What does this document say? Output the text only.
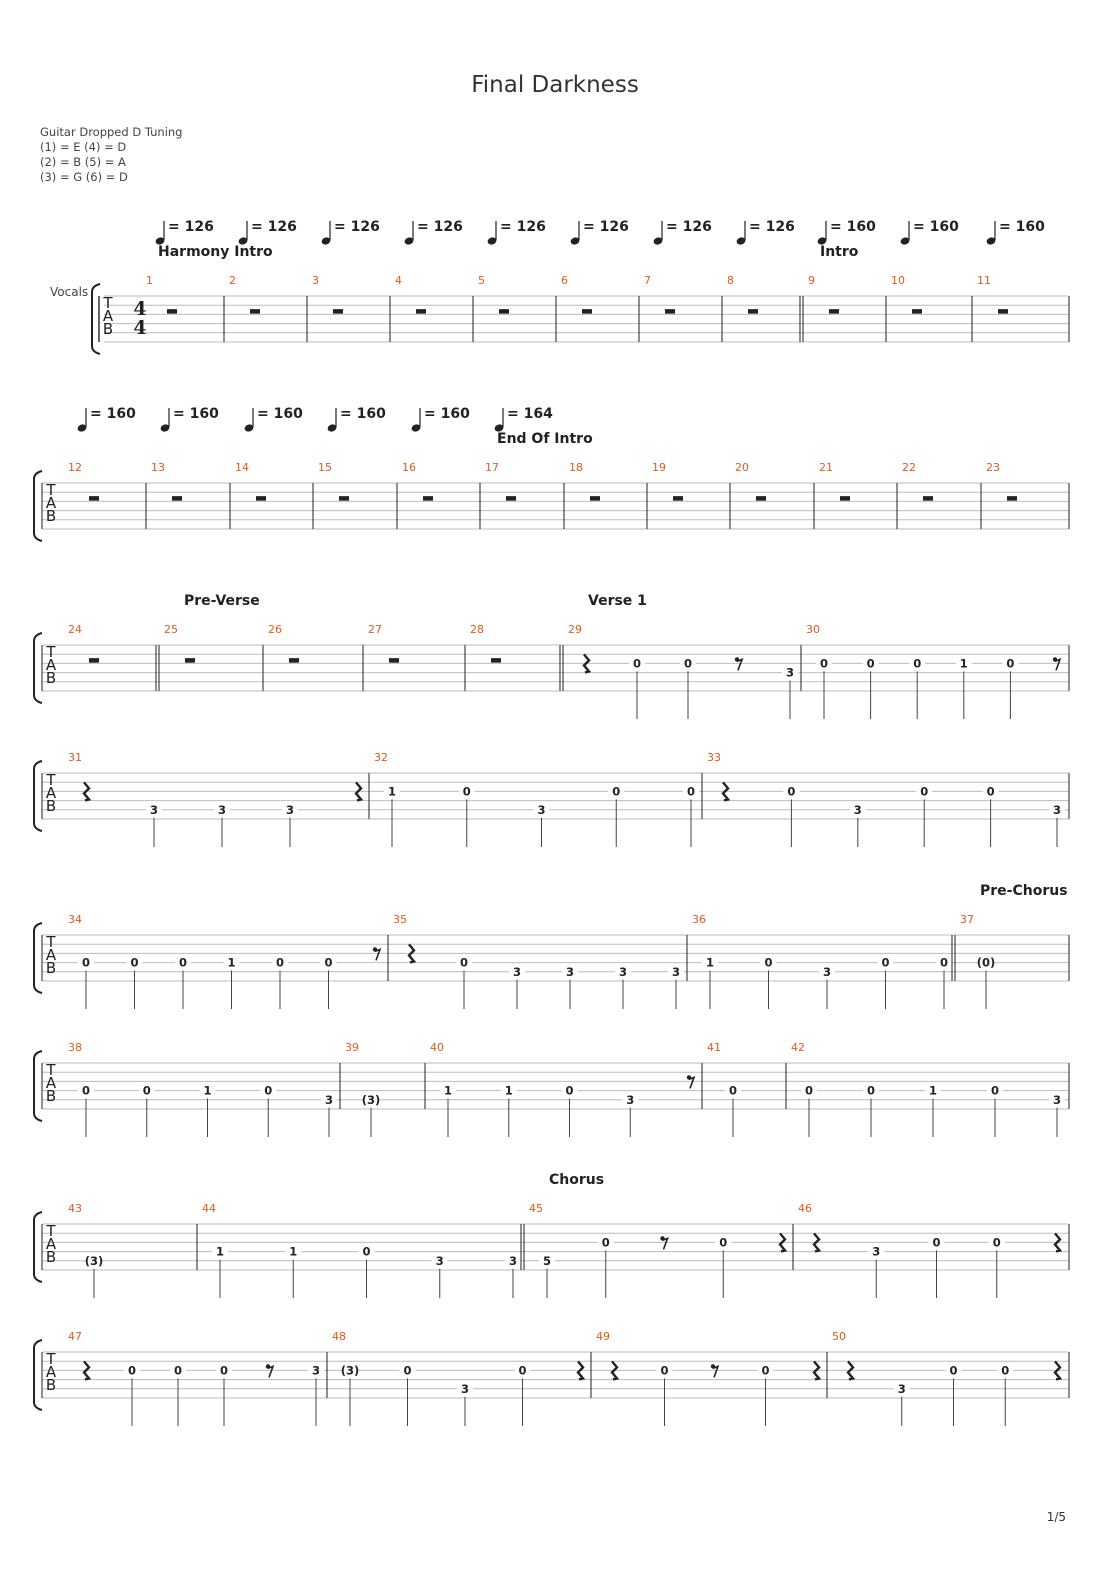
Final Darkness
Guitar Dropped D Tuning
(1) = E (4) = D
(2) = B (5) = A
(3) = G (6) = D
Vocals
4
4
T
A
B
1	2	3	4	5	6	7	8	9	10	11
= 126	= 126	= 126	= 126	= 126	= 126	= 126	= 126	= 160	= 160	= 160
Harmony Intro	Intro
T
A
B
12	13	14	15	16	17	18	19	20	21	22	23
= 160	= 160	= 160	= 160	= 160	= 164
End Of Intro
T
A
B
24	25	26	27	28	29
0	0
3
30
0	0	0	1	0
Pre-Verse	Verse 1
T
A
B
31
3	3	3
32
1	0
3
0	0
33
0
3
0	0
3
T
A
B
34
0	0	0	1	0	0
35
0
3	3	3	3
36
1	0
3
0	0
37
(0)
Pre-Chorus
T
A
B
38
0	0	1	0
3
39
(3)
40
1	1	0
3
41
0
42
0	0	1	0
3
T
A
B
43
(3)
44
1	1	0
3	3
45
5
0	0
46
3
0	0
Chorus
T
A
B
47
0	0	0	3
48
(3)	0
3
0
49
0	0
50
3
0	0
1/5
